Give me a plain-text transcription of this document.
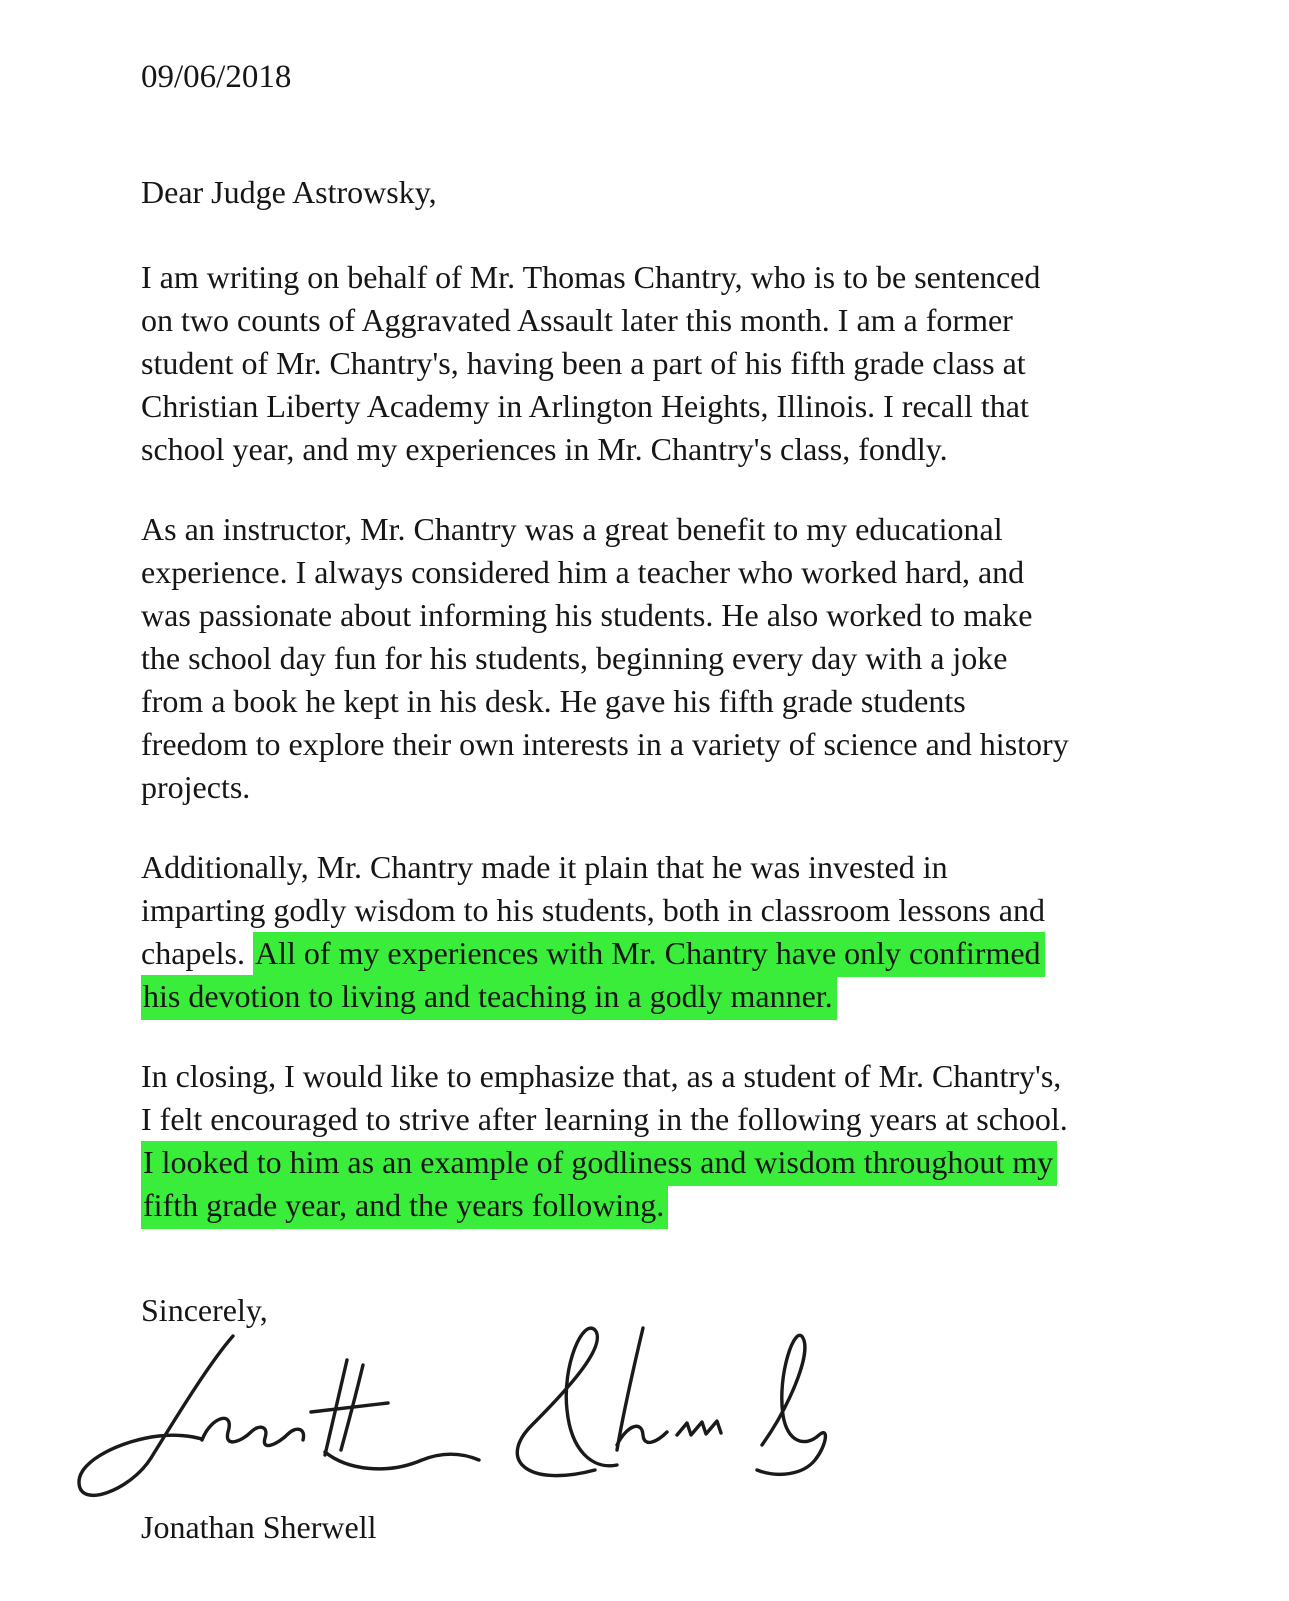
09/06/2018
Dear Judge Astrowsky,
I am writing on behalf of Mr. Thomas Chantry, who is to be sentenced
on two counts of Aggravated Assault later this month. I am a former
student of Mr. Chantry's, having been a part of his fifth grade class at
Christian Liberty Academy in Arlington Heights, Illinois. I recall that
school year, and my experiences in Mr. Chantry's class, fondly.
As an instructor, Mr. Chantry was a great benefit to my educational
experience. I always considered him a teacher who worked hard, and
was passionate about informing his students. He also worked to make
the school day fun for his students, beginning every day with a joke
from a book he kept in his desk. He gave his fifth grade students
freedom to explore their own interests in a variety of science and history
projects.
Additionally, Mr. Chantry made it plain that he was invested in
imparting godly wisdom to his students, both in classroom lessons and
chapels. All of my experiences with Mr. Chantry have only confirmed
his devotion to living and teaching in a godly manner.
In closing, I would like to emphasize that, as a student of Mr. Chantry's,
I felt encouraged to strive after learning in the following years at school.
I looked to him as an example of godliness and wisdom throughout my
fifth grade year, and the years following.
Sincerely,
Jonathan Sherwell
